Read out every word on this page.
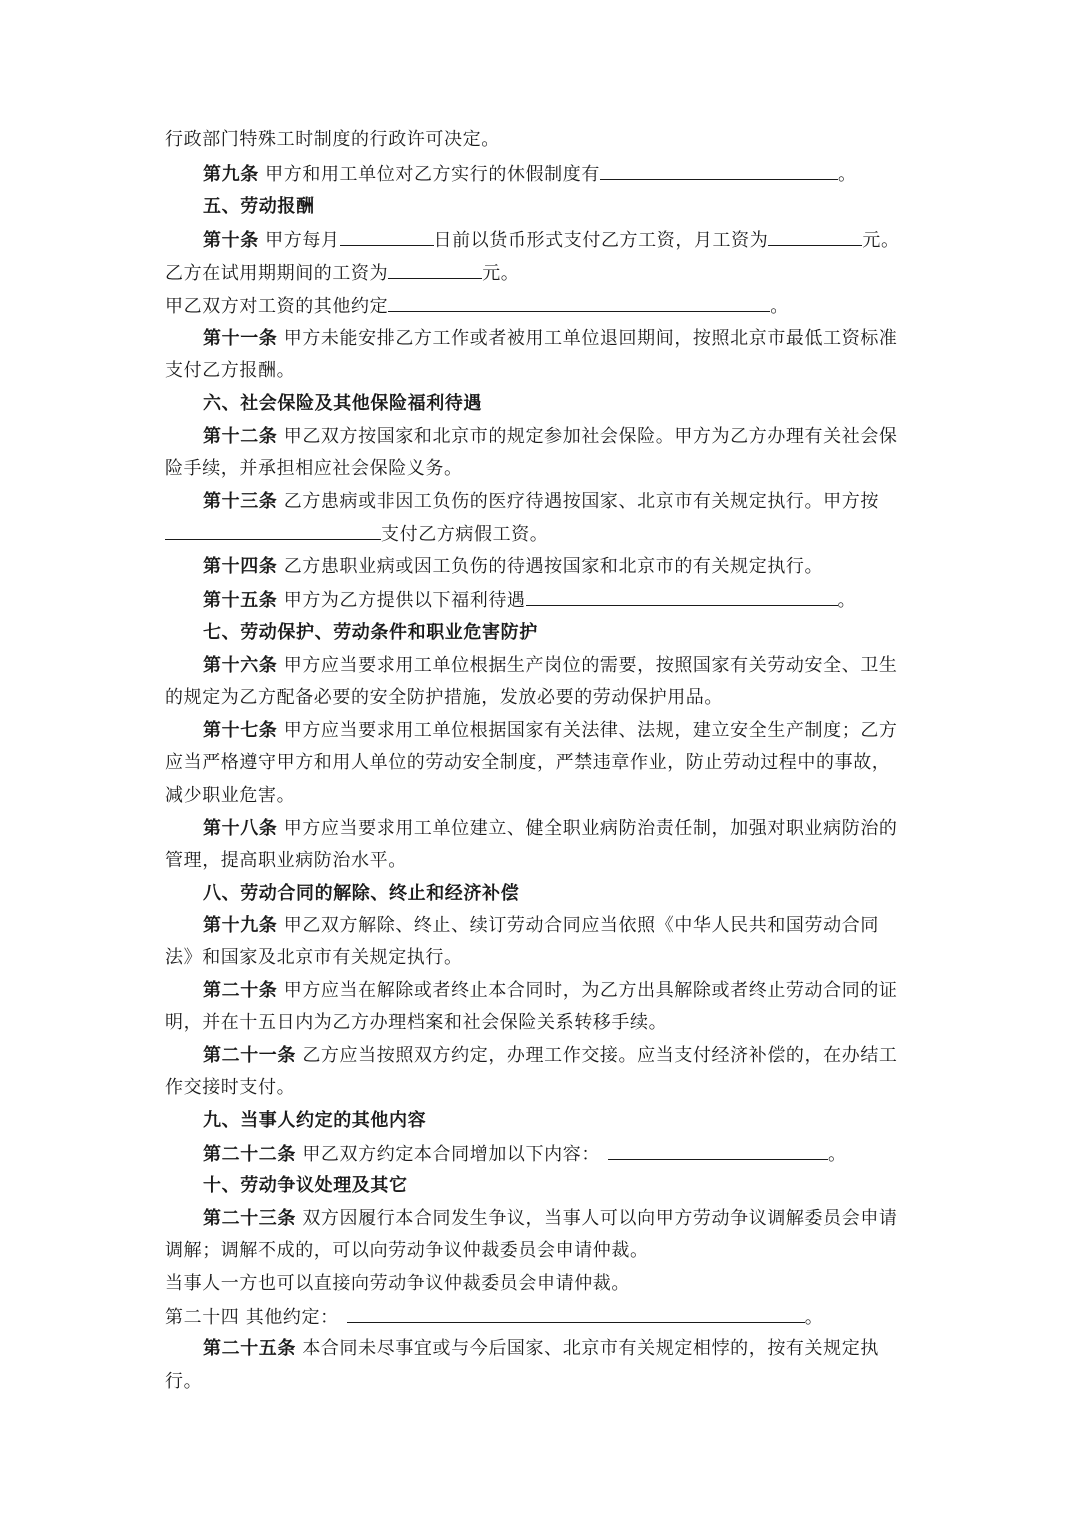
行政部门特殊工时制度的行政许可决定。
第九条 甲方和用工单位对乙方实行的休假制度有	。
五、劳动报酬
第十条 甲方每月	日前以货币形式支付乙方工资，月工资为	元。
乙方在试用期期间的工资为	元。
甲乙双方对工资的其他约定	。
第十一条 甲方未能安排乙方工作或者被用工单位退回期间，按照北京市最低工资标准
支付乙方报酬。
六、社会保险及其他保险福利待遇
第十二条 甲乙双方按国家和北京市的规定参加社会保险。甲方为乙方办理有关社会保
险手续，并承担相应社会保险义务。
第十三条 乙方患病或非因工负伤的医疗待遇按国家、北京市有关规定执行。甲方按
支付乙方病假工资。
第十四条 乙方患职业病或因工负伤的待遇按国家和北京市的有关规定执行。
第十五条 甲方为乙方提供以下福利待遇	。
七、劳动保护、劳动条件和职业危害防护
第十六条 甲方应当要求用工单位根据生产岗位的需要，按照国家有关劳动安全、卫生
的规定为乙方配备必要的安全防护措施，发放必要的劳动保护用品。
第十七条 甲方应当要求用工单位根据国家有关法律、法规，建立安全生产制度；乙方
应当严格遵守甲方和用人单位的劳动安全制度，严禁违章作业，防止劳动过程中的事故，
减少职业危害。
第十八条 甲方应当要求用工单位建立、健全职业病防治责任制，加强对职业病防治的
管理，提高职业病防治水平。
八、劳动合同的解除、终止和经济补偿
第十九条 甲乙双方解除、终止、续订劳动合同应当依照《中华人民共和国劳动合同
法》和国家及北京市有关规定执行。
第二十条 甲方应当在解除或者终止本合同时，为乙方出具解除或者终止劳动合同的证
明，并在十五日内为乙方办理档案和社会保险关系转移手续。
第二十一条 乙方应当按照双方约定，办理工作交接。应当支付经济补偿的，在办结工
作交接时支付。
九、当事人约定的其他内容
第二十二条 甲乙双方约定本合同增加以下内容：	。
十、劳动争议处理及其它
第二十三条 双方因履行本合同发生争议，当事人可以向甲方劳动争议调解委员会申请
调解；调解不成的，可以向劳动争议仲裁委员会申请仲裁。
当事人一方也可以直接向劳动争议仲裁委员会申请仲裁。
第二十四 其他约定：	。
第二十五条 本合同未尽事宜或与今后国家、北京市有关规定相悖的，按有关规定执
行。
